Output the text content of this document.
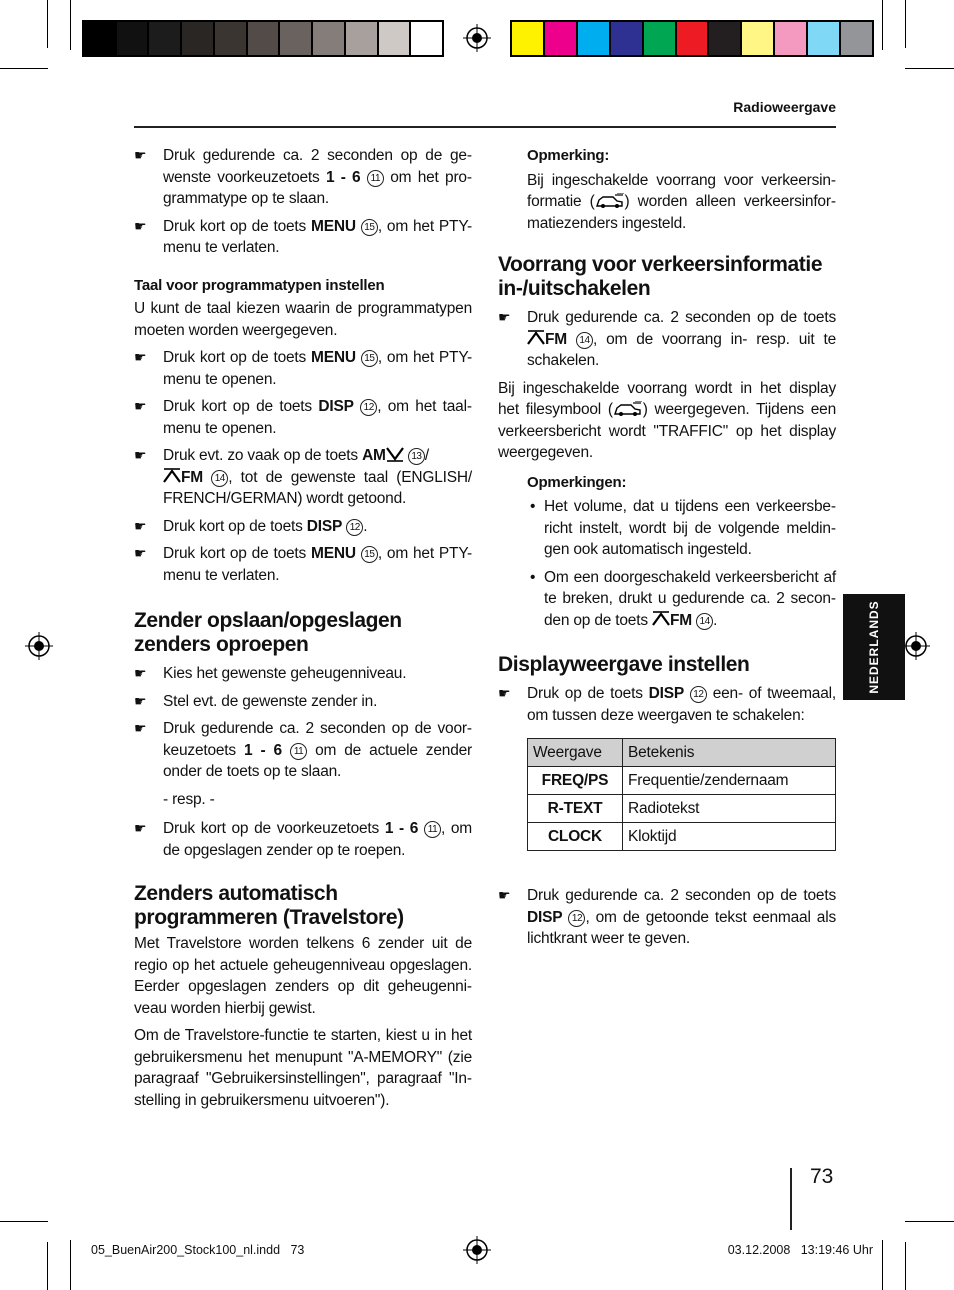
Radioweergave
☛ Druk gedurende ca. 2 seconden op de gewenste voorkeuzetoets 1 - 6 11 om het programmatype op te slaan.
☛ Druk kort op de toets MENU 15 , om het PTY-menu te verlaten.
Taal voor programmatypen instellen

U kunt de taal kiezen waarin de programmatypen moeten worden weergegeven.

☛ Druk kort op de toets MENU 15 , om het PTY-menu te openen.
☛ Druk kort op de toets DISP 12 , om het taalmenu te openen.
☛ Druk evt. zo vaak op de toets AM	13 /
FM 14 , tot de gewenste taal (ENGLISH/ FRENCH/GERMAN) wordt getoond.
☛ Druk kort op de toets DISP 12 .
☛ Druk kort op de toets MENU 15 , om het PTY-menu te verlaten.
Zender opslaan/opgeslagen zenders oproepen
☛ Kies het gewenste geheugenniveau.
☛ Stel evt. de gewenste zender in.
☛ Druk gedurende ca. 2 seconden op de voorkeuzetoets 1 - 6 11 om de actuele zender onder de toets op te slaan.
- resp. -
☛ Druk kort op de voorkeuzetoets 1 - 6 11 , om de opgeslagen zender op te roepen.
Zenders automatisch programmeren (Travelstore)

Met Travelstore worden telkens 6 zender uit de regio op het actuele geheugenniveau opgeslagen. Eerder opgeslagen zenders op dit geheugenniveau worden hierbij gewist.

Om de Travelstore-functie te starten, kiest u in het gebruikersmenu het menupunt "A-MEMORY" (zie paragraaf "Gebruikersinstellingen", paragraaf "Instelling in gebruikersmenu uitvoeren").

Opmerking:

Bij ingeschakelde voorrang voor verkeersinformatie ( ) worden alleen verkeersinformatiezenders ingesteld.

Voorrang voor verkeersinformatie in-/uitschakelen
☛ Druk gedurende ca. 2 seconden op de toets FM 14 , om de voorrang in- resp. uit te schakelen.

Bij ingeschakelde voorrang wordt in het display het filesymbool ( ) weergegeven. Tijdens een verkeersbericht wordt "TRAFFIC" op het display weergegeven.

Opmerkingen:
• Het volume, dat u tijdens een verkeersbericht instelt, wordt bij de volgende meldingen ook automatisch ingesteld.
• Om een doorgeschakeld verkeersbericht af te breken, drukt u gedurende ca. 2 seconden op de toets FM 14 .
Displayweergave instellen
☛ Druk op de toets DISP 12 een- of tweemaal, om tussen deze weergaven te schakelen:
Weergave	Betekenis
FREQ/PS	Frequentie/zendernaam
R-TEXT	Radiotekst
CLOCK	Kloktijd
☛ Druk gedurende ca. 2 seconden op de toets DISP 12 , om de getoonde tekst eenmaal als lichtkrant weer te geven.
NEDERLANDS
73
05_BuenAir200_Stock100_nl.indd   73	03.12.2008   13:19:46 Uhr
